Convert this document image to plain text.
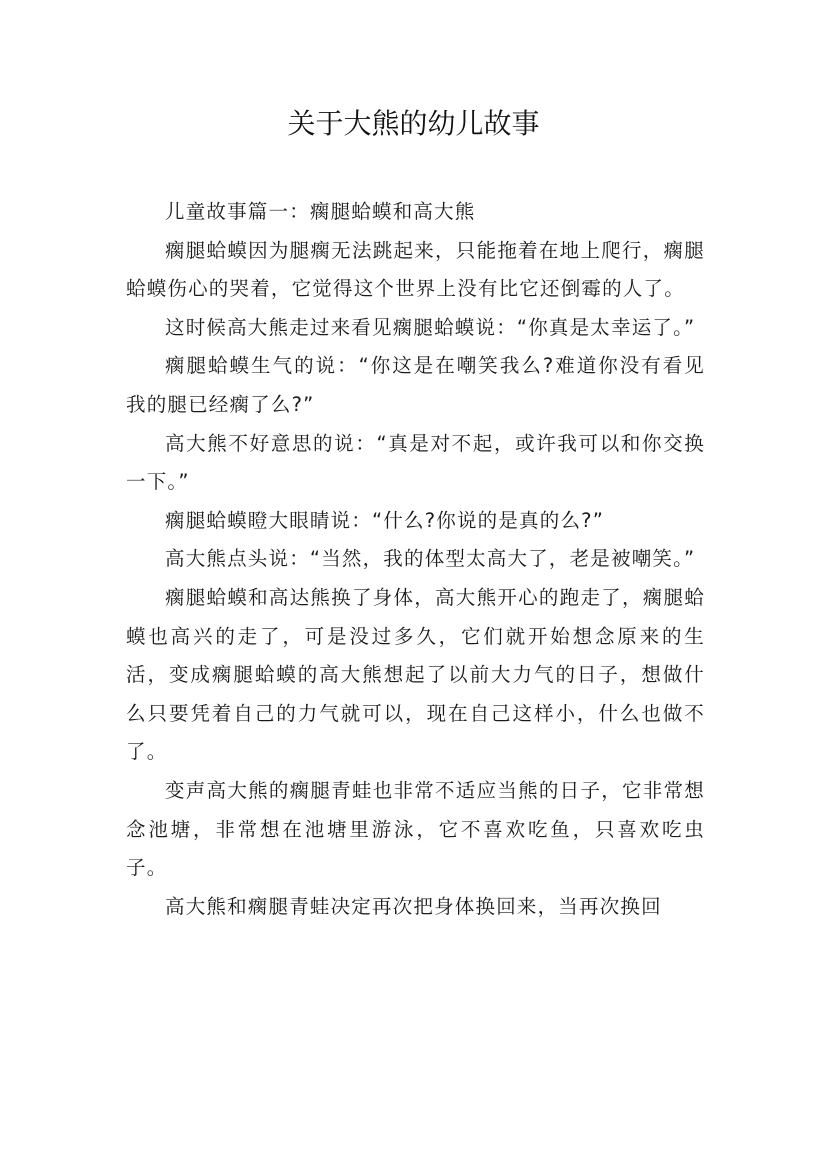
关于大熊的幼儿故事

儿童故事篇一：瘸腿蛤蟆和高大熊

瘸腿蛤蟆因为腿瘸无法跳起来，只能拖着在地上爬行，瘸腿蛤蟆伤心的哭着，它觉得这个世界上没有比它还倒霉的人了。

这时候高大熊走过来看见瘸腿蛤蟆说：“你真是太幸运了。”

瘸腿蛤蟆生气的说：“你这是在嘲笑我么?难道你没有看见我的腿已经瘸了么?”

高大熊不好意思的说：“真是对不起，或许我可以和你交换一下。”

瘸腿蛤蟆瞪大眼睛说：“什么?你说的是真的么?”

高大熊点头说：“当然，我的体型太高大了，老是被嘲笑。”

瘸腿蛤蟆和高达熊换了身体，高大熊开心的跑走了，瘸腿蛤蟆也高兴的走了，可是没过多久，它们就开始想念原来的生活，变成瘸腿蛤蟆的高大熊想起了以前大力气的日子，想做什么只要凭着自己的力气就可以，现在自己这样小，什么也做不了。

变声高大熊的瘸腿青蛙也非常不适应当熊的日子，它非常想念池塘，非常想在池塘里游泳，它不喜欢吃鱼，只喜欢吃虫子。

高大熊和瘸腿青蛙决定再次把身体换回来，当再次换回
